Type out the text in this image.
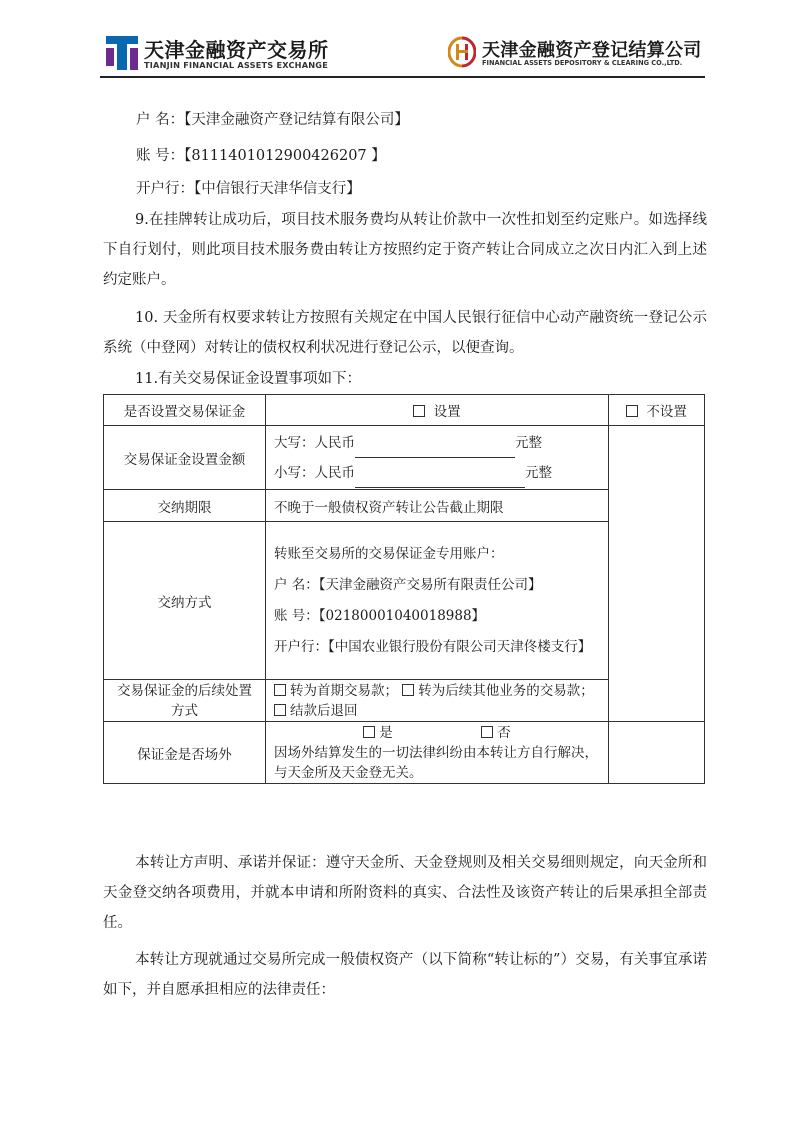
天津金融资产交易所
TIANJIN FINANCIAL ASSETS EXCHANGE
天津金融资产登记结算公司
FINANCIAL ASSETS DEPOSITORY & CLEARING CO.,LTD.
户 名：【天津金融资产登记结算有限公司】
账 号：【8111401012900426207 】
开户行：【中信银行天津华信支行】
9.在挂牌转让成功后，项目技术服务费均从转让价款中一次性扣划至约定账户。如选择线下自行划付，则此项目技术服务费由转让方按照约定于资产转让合同成立之次日内汇入到上述约定账户。
10. 天金所有权要求转让方按照有关规定在中国人民银行征信中心动产融资统一登记公示系统（中登网）对转让的债权权利状况进行登记公示，以便查询。
11.有关交易保证金设置事项如下：
是否设置交易保证金	设置	不设置
交易保证金设置金额	大写：人民币 元整
小写：人民币 元整	

交纳期限	不晚于一般债权资产转让公告截止期限	
交纳方式	转账至交易所的交易保证金专用账户：
户 名：【天津金融资产交易所有限责任公司】
账 号：【02180001040018988】
开户行：【中国农业银行股份有限公司天津佟楼支行】	

交易保证金的后续处置方式	转为首期交易款； 转为后续其他业务的交易款； 结款后退回	
保证金是否场外	是 否
因场外结算发生的一切法律纠纷由本转让方自行解决，与天金所及天金登无关。	

本转让方声明、承诺并保证：遵守天金所、天金登规则及相关交易细则规定，向天金所和天金登交纳各项费用，并就本申请和所附资料的真实、合法性及该资产转让的后果承担全部责任。
本转让方现就通过交易所完成一般债权资产（以下简称“转让标的”）交易，有关事宜承诺如下，并自愿承担相应的法律责任：
